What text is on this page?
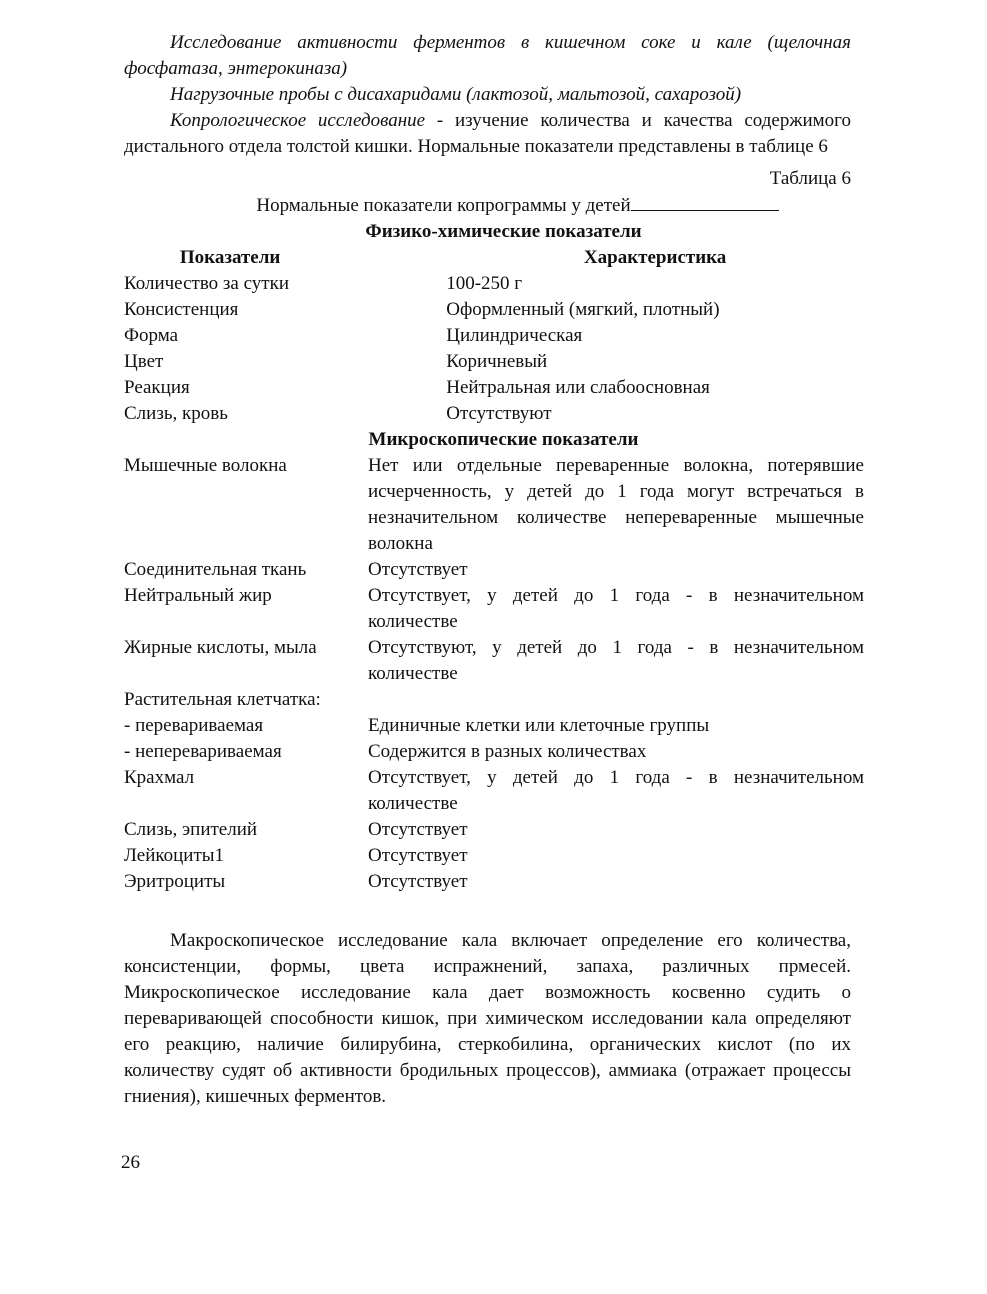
Исследование активности ферментов в кишечном соке и кале (щелочная фосфатаза, энтерокиназа)

Нагрузочные пробы с дисахаридами (лактозой, мальтозой, сахарозой)

Копрологическое исследование - изучение количества и качества содержимого дистального отдела толстой кишки. Нормальные показатели представлены в таблице 6

Таблица 6

Нормальные показатели копрограммы у детей

Физико-химические показатели

Показатели	Характеристика
Количество за сутки	100-250 г
Консистенция	Оформленный (мягкий, плотный)
Форма	Цилиндрическая
Цвет	Коричневый
Реакция	Нейтральная или слабоосновная
Слизь, кровь	Отсутствуют

Микроскопические показатели

Мышечные волокна	Нет или отдельные переваренные волокна, потерявшие исчерченность, у детей до 1 года могут встречаться в незначительном количестве непереваренные мышечные волокна
Соединительная ткань	Отсутствует
Нейтральный жир	Отсутствует, у детей до 1 года - в незначительном количестве
Жирные кислоты, мыла	Отсутствуют, у детей до 1 года - в незначительном количестве
Растительная клетчатка:	
- перевариваемая	Единичные клетки или клеточные группы
- неперевариваемая	Содержится в разных количествах
Крахмал	Отсутствует, у детей до 1 года - в незначительном количестве
Слизь, эпителий	Отсутствует
Лейкоциты1	Отсутствует
Эритроциты	Отсутствует

Макроскопическое исследование кала включает определение его количества, консистенции, формы, цвета испражнений, запаха, различных прмесей. Микроскопическое исследование кала дает возможность косвенно судить о переваривающей способности кишок, при химическом исследовании кала определяют его реакцию, наличие билирубина, стеркобилина, органических кислот (по их количеству судят об активности бродильных процессов), аммиака (отражает процессы гниения), кишечных ферментов.

26
